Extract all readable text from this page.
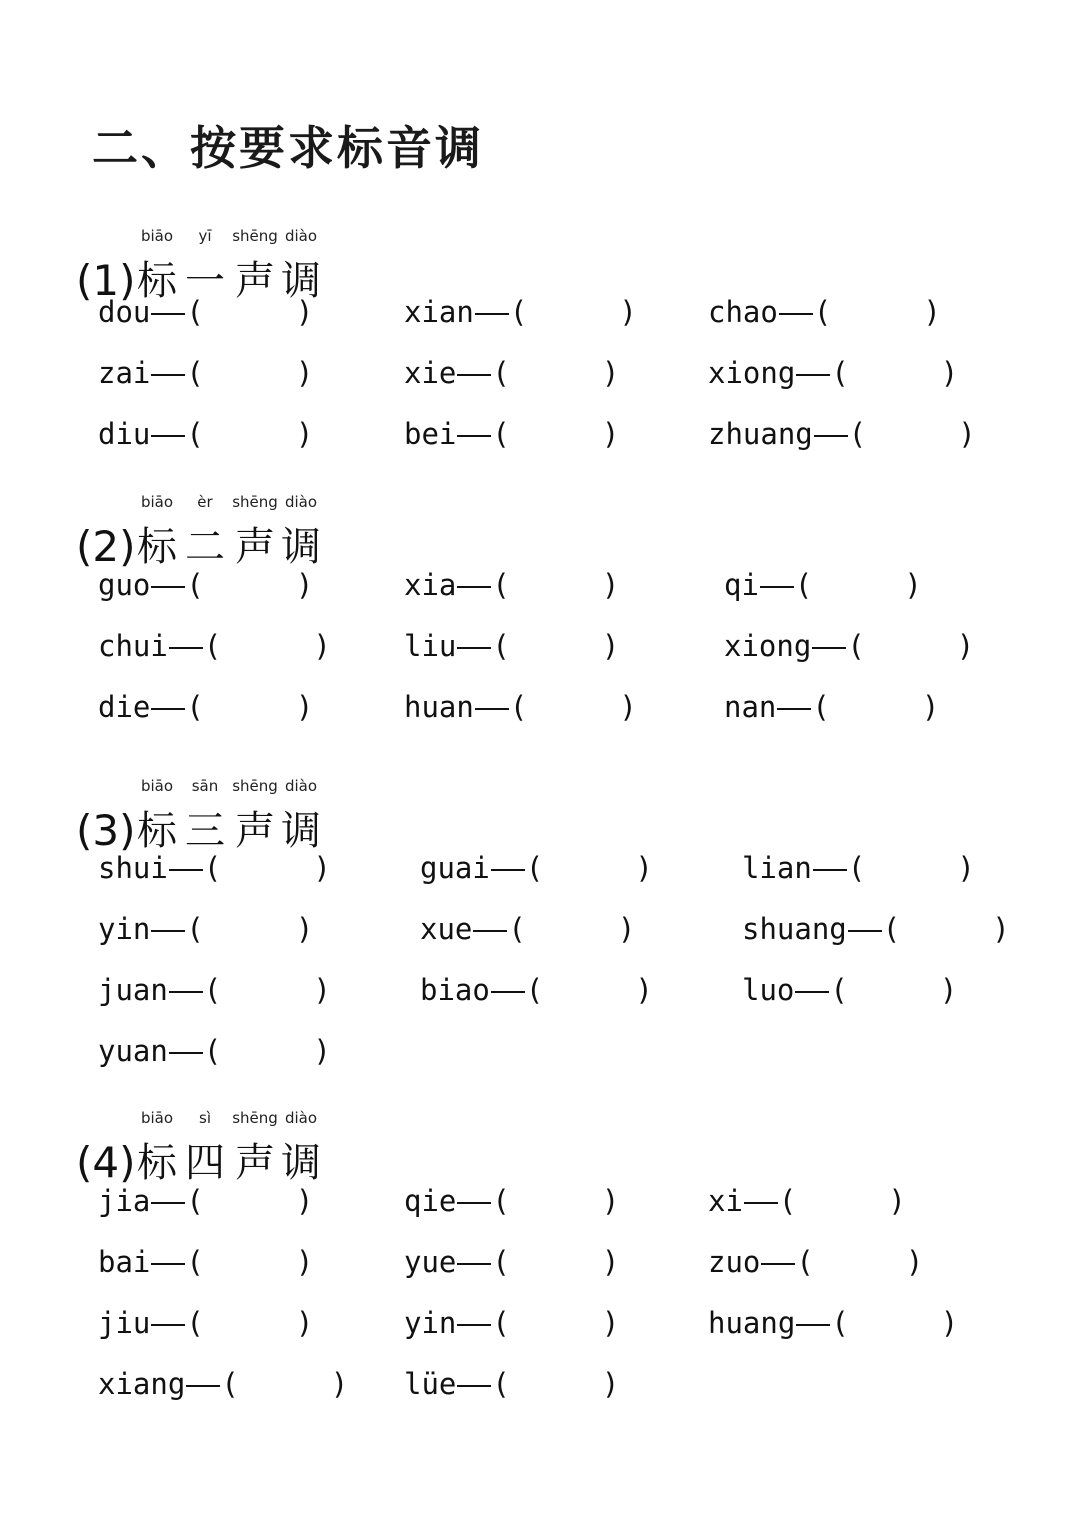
二、按要求标音调
(1)
biāo
标
yī
一
shēng
声
diào
调
dou (	)	xian (	) chao (	)
zai (	)	xie (	)	xiong (	)
diu (	)	bei (	)	zhuang (	)
(2)
biāo
标
èr
二
shēng
声
diào
调
guo (	)	xia (	)	qi (	)
chui (	)	liu (	)	xiong (	)
die (	)	huan (	)	nan (	)
(3)
biāo
标
sān
三
shēng
声
diào
调
shui (	)	guai (	)	lian (	)
yin (	)	xue (	)	shuang (	)
juan (	)	biao (	)	luo (	)
yuan (	)
(4)
biāo
标
sì
四
shēng
声
diào
调
jia (	)	qie (	)	xi (	)
bai (	)	yue (	)	zuo (	)
jiu (	)	yin (	)	huang (	)
xiang (	) lüe (	)
